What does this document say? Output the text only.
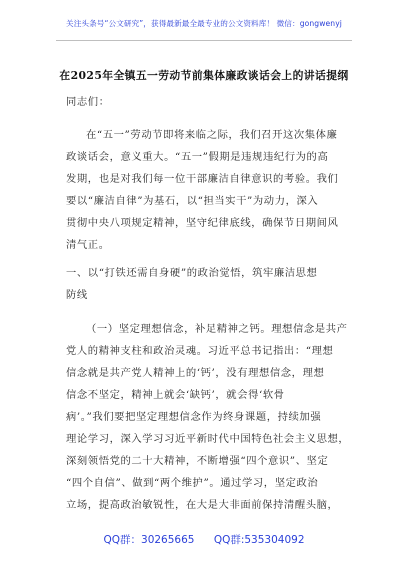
关注头条号“公文研究”，获得最新最全最专业的公文资料库！ 微信：gongwenyj
在2025年全镇五一劳动节前集体廉政谈话会上的讲话提纲
同志们：
在“五一”劳动节即将来临之际，我们召开这次集体廉
政谈话会，意义重大。“五一”假期是违规违纪行为的高
发期，也是对我们每一位干部廉洁自律意识的考验。我们
要以“廉洁自律”为基石，以“担当实干”为动力，深入
贯彻中央八项规定精神，坚守纪律底线，确保节日期间风
清气正。
一、以“打铁还需自身硬”的政治觉悟，筑牢廉洁思想
防线
（一）坚定理想信念，补足精神之钙。理想信念是共产
党人的精神支柱和政治灵魂。习近平总书记指出：“理想
信念就是共产党人精神上的‘钙’，没有理想信念，理想
信念不坚定，精神上就会‘缺钙’，就会得‘软骨
病’。”我们要把坚定理想信念作为终身课题，持续加强
理论学习，深入学习习近平新时代中国特色社会主义思想，
深刻领悟党的二十大精神，不断增强“四个意识”、坚定
“四个自信”、做到“两个维护”。通过学习，坚定政治
立场，提高政治敏锐性，在大是大非面前保持清醒头脑，
QQ群：30265665 QQ群:535304092
